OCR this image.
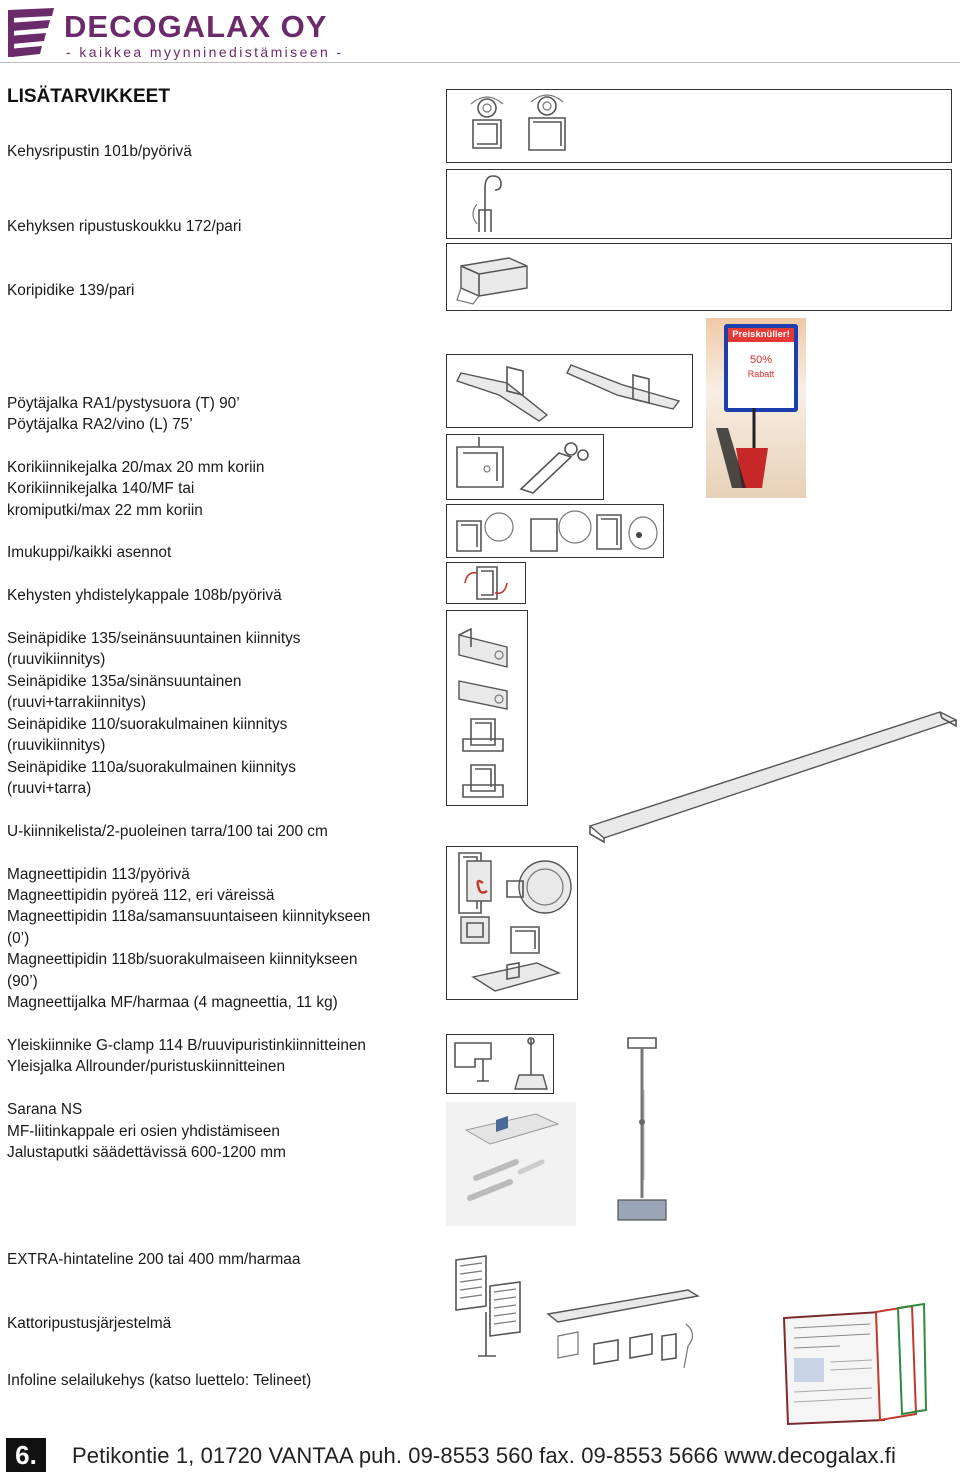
DECOGALAX OY
- kaikkea myynninedistämiseen -
LISÄTARVIKKEET
Kehysripustin 101b/pyörivä
Kehyksen ripustuskoukku 172/pari
Koripidike 139/pari
Pöytäjalka RA1/pystysuora (T) 90’
Pöytäjalka RA2/vino (L) 75’
Korikiinnikejalka 20/max 20 mm koriin
Korikiinnikejalka 140/MF tai
kromiputki/max 22 mm koriin
Imukuppi/kaikki asennot
Kehysten yhdistelykappale 108b/pyörivä
Seinäpidike 135/seinänsuuntainen kiinnitys
(ruuvikiinnitys)
Seinäpidike 135a/sinänsuuntainen
(ruuvi+tarrakiinnitys)
Seinäpidike 110/suorakulmainen kiinnitys
(ruuvikiinnitys)
Seinäpidike 110a/suorakulmainen kiinnitys
(ruuvi+tarra)
U-kiinnikelista/2-puoleinen tarra/100 tai 200 cm
Magneettipidin 113/pyörivä
Magneettipidin pyöreä 112, eri väreissä
Magneettipidin 118a/samansuuntaiseen kiinnitykseen
(0’)
Magneettipidin 118b/suorakulmaiseen kiinnitykseen
(90’)
Magneettijalka MF/harmaa (4 magneettia, 11 kg)
Yleiskiinnike G-clamp 114 B/ruuvipuristinkiinnitteinen
Yleisjalka Allrounder/puristuskiinnitteinen
Sarana NS
MF-liitinkappale eri osien yhdistämiseen
Jalustaputki säädettävissä 600-1200 mm
EXTRA-hintateline 200 tai 400 mm/harmaa
Kattoripustusjärjestelmä
Infoline selailukehys (katso luettelo: Telineet)
Preisknüller!
50%
Rabatt
6.	Petikontie 1, 01720 VANTAA puh. 09-8553 560 fax. 09-8553 5666 www.decogalax.fi
